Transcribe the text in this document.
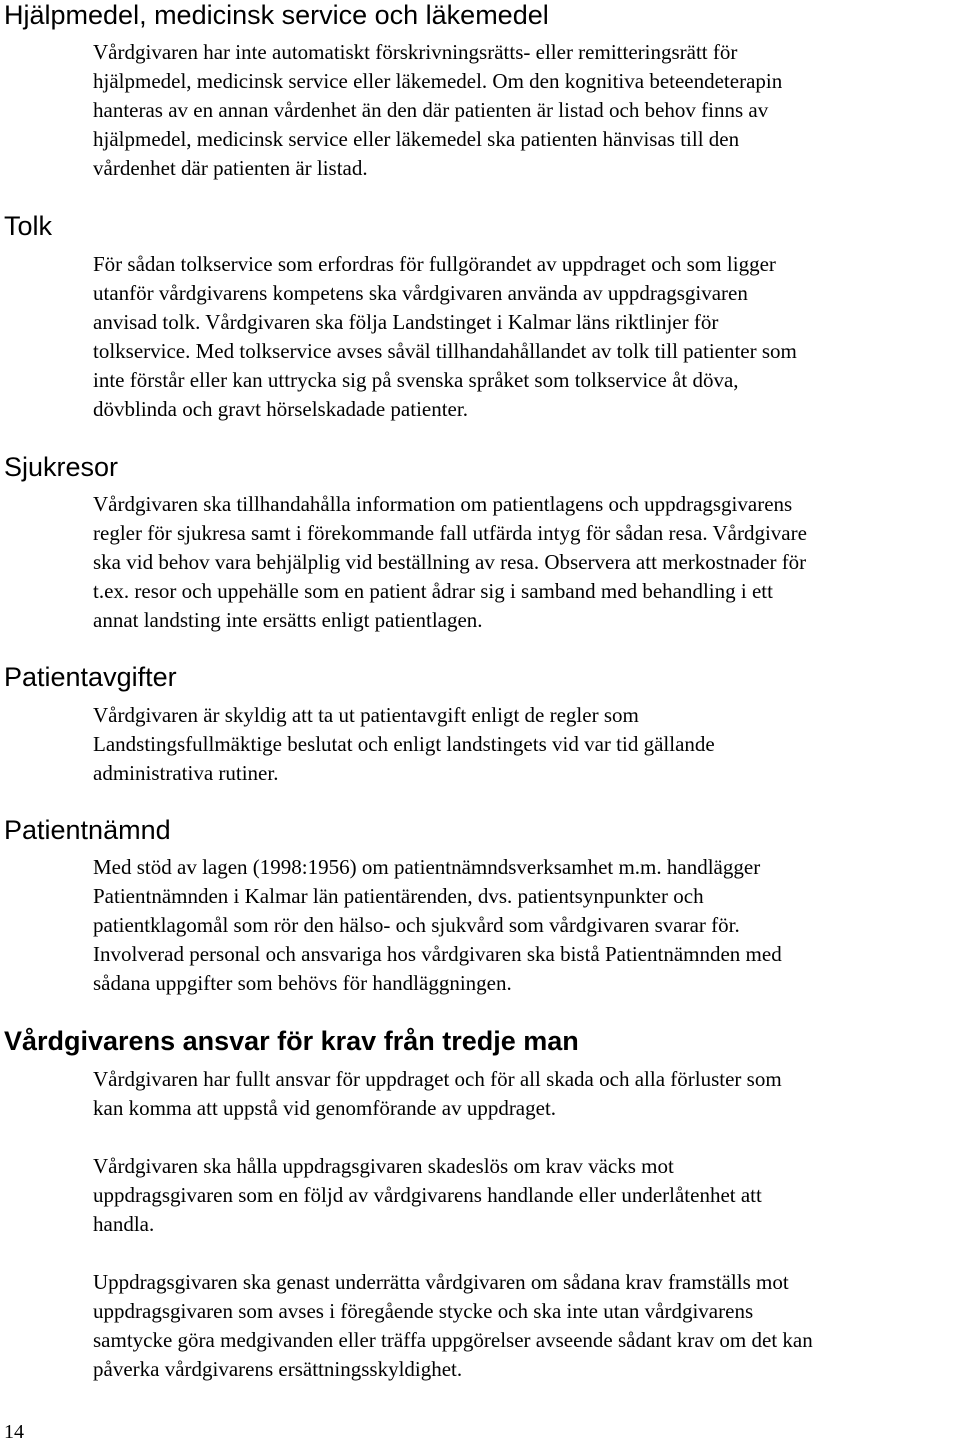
Hjälpmedel, medicinsk service och läkemedel

Vårdgivaren har inte automatiskt förskrivningsrätts- eller remitteringsrätt för
hjälpmedel, medicinsk service eller läkemedel. Om den kognitiva beteendeterapin
hanteras av en annan vårdenhet än den där patienten är listad och behov finns av
hjälpmedel, medicinsk service eller läkemedel ska patienten hänvisas till den
vårdenhet där patienten är listad.

Tolk

För sådan tolkservice som erfordras för fullgörandet av uppdraget och som ligger
utanför vårdgivarens kompetens ska vårdgivaren använda av uppdragsgivaren
anvisad tolk. Vårdgivaren ska följa Landstinget i Kalmar läns riktlinjer för
tolkservice. Med tolkservice avses såväl tillhandahållandet av tolk till patienter som
inte förstår eller kan uttrycka sig på svenska språket som tolkservice åt döva,
dövblinda och gravt hörselskadade patienter.

Sjukresor

Vårdgivaren ska tillhandahålla information om patientlagens och uppdragsgivarens
regler för sjukresa samt i förekommande fall utfärda intyg för sådan resa. Vårdgivare
ska vid behov vara behjälplig vid beställning av resa. Observera att merkostnader för
t.ex. resor och uppehälle som en patient ådrar sig i samband med behandling i ett
annat landsting inte ersätts enligt patientlagen.

Patientavgifter

Vårdgivaren är skyldig att ta ut patientavgift enligt de regler som
Landstingsfullmäktige beslutat och enligt landstingets vid var tid gällande
administrativa rutiner.

Patientnämnd

Med stöd av lagen (1998:1956) om patientnämndsverksamhet m.m. handlägger
Patientnämnden i Kalmar län patientärenden, dvs. patientsynpunkter och
patientklagomål som rör den hälso- och sjukvård som vårdgivaren svarar för.
Involverad personal och ansvariga hos vårdgivaren ska bistå Patientnämnden med
sådana uppgifter som behövs för handläggningen.

Vårdgivarens ansvar för krav från tredje man

Vårdgivaren har fullt ansvar för uppdraget och för all skada och alla förluster som
kan komma att uppstå vid genomförande av uppdraget.

Vårdgivaren ska hålla uppdragsgivaren skadeslös om krav väcks mot
uppdragsgivaren som en följd av vårdgivarens handlande eller underlåtenhet att
handla.

Uppdragsgivaren ska genast underrätta vårdgivaren om sådana krav framställs mot
uppdragsgivaren som avses i föregående stycke och ska inte utan vårdgivarens
samtycke göra medgivanden eller träffa uppgörelser avseende sådant krav om det kan
påverka vårdgivarens ersättningsskyldighet.

14
